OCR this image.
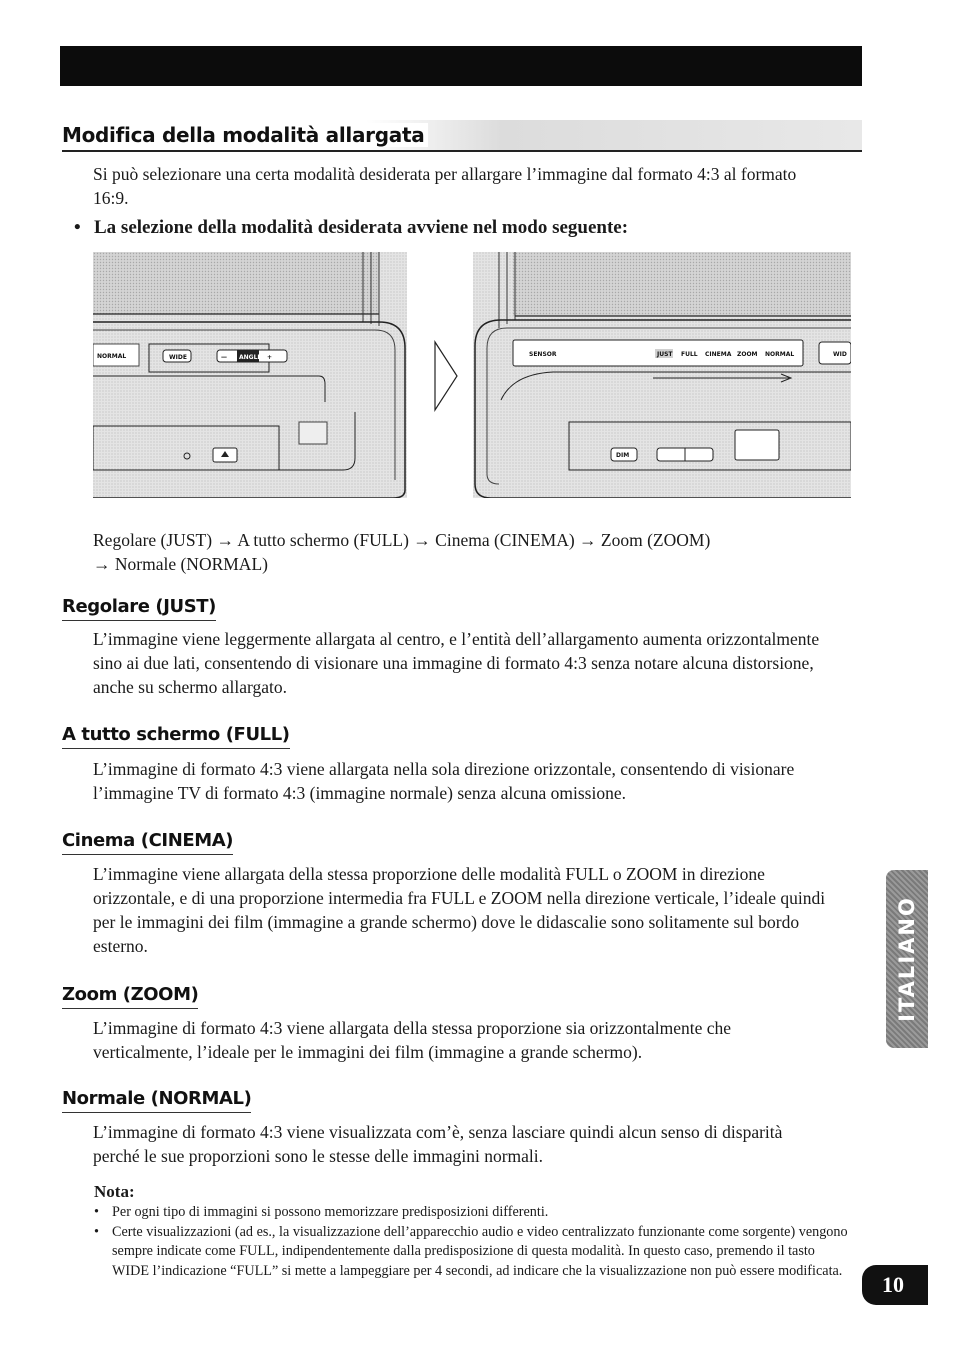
Modifica della modalità allargata

Si può selezionare una certa modalità desiderata per allargare l’immagine dal formato 4:3 al formato 16:9.

• La selezione della modalità desiderata avviene nel modo seguente:
NORMAL	WIDE	— ANGLE +	SENSOR	JUST FULL CINEMA ZOOM NORMAL	WID
DIM

Regolare (JUST) → A tutto schermo (FULL) → Cinema (CINEMA) → Zoom (ZOOM)

→ Normale (NORMAL)

Regolare (JUST)

L’immagine viene leggermente allargata al centro, e l’entità dell’allargamento aumenta orizzontalmente sino ai due lati, consentendo di visionare una immagine di formato 4:3 senza notare alcuna distorsione, anche su schermo allargato.

A tutto schermo (FULL)

L’immagine di formato 4:3 viene allargata nella sola direzione orizzontale, consentendo di visionare l’immagine TV di formato 4:3 (immagine normale) senza alcuna omissione.

Cinema (CINEMA)

L’immagine viene allargata della stessa proporzione delle modalità FULL o ZOOM in direzione orizzontale, e di una proporzione intermedia fra FULL e ZOOM nella direzione verticale, l’ideale quindi per le immagini dei film (immagine a grande schermo) dove le didascalie sono solitamente sul bordo esterno.

Zoom (ZOOM)

L’immagine di formato 4:3 viene allargata della stessa proporzione sia orizzontalmente che verticalmente, l’ideale per le immagini dei film (immagine a grande schermo).

Normale (NORMAL)

L’immagine di formato 4:3 viene visualizzata com’è, senza lasciare quindi alcun senso di disparità perché le sue proporzioni sono le stesse delle immagini normali.

Nota:
• Per ogni tipo di immagini si possono memorizzare predisposizioni differenti.
• Certe visualizzazioni (ad es., la visualizzazione dell’apparecchio audio e video centralizzato funzionante come sorgente) vengono sempre indicate come FULL, indipendentemente dalla predisposizione di questa modalità. In questo caso, premendo il tasto WIDE l’indicazione “FULL” si mette a lampeggiare per 4 secondi, ad indicare che la visualizzazione non può essere modificata.
ITALIANO
10
